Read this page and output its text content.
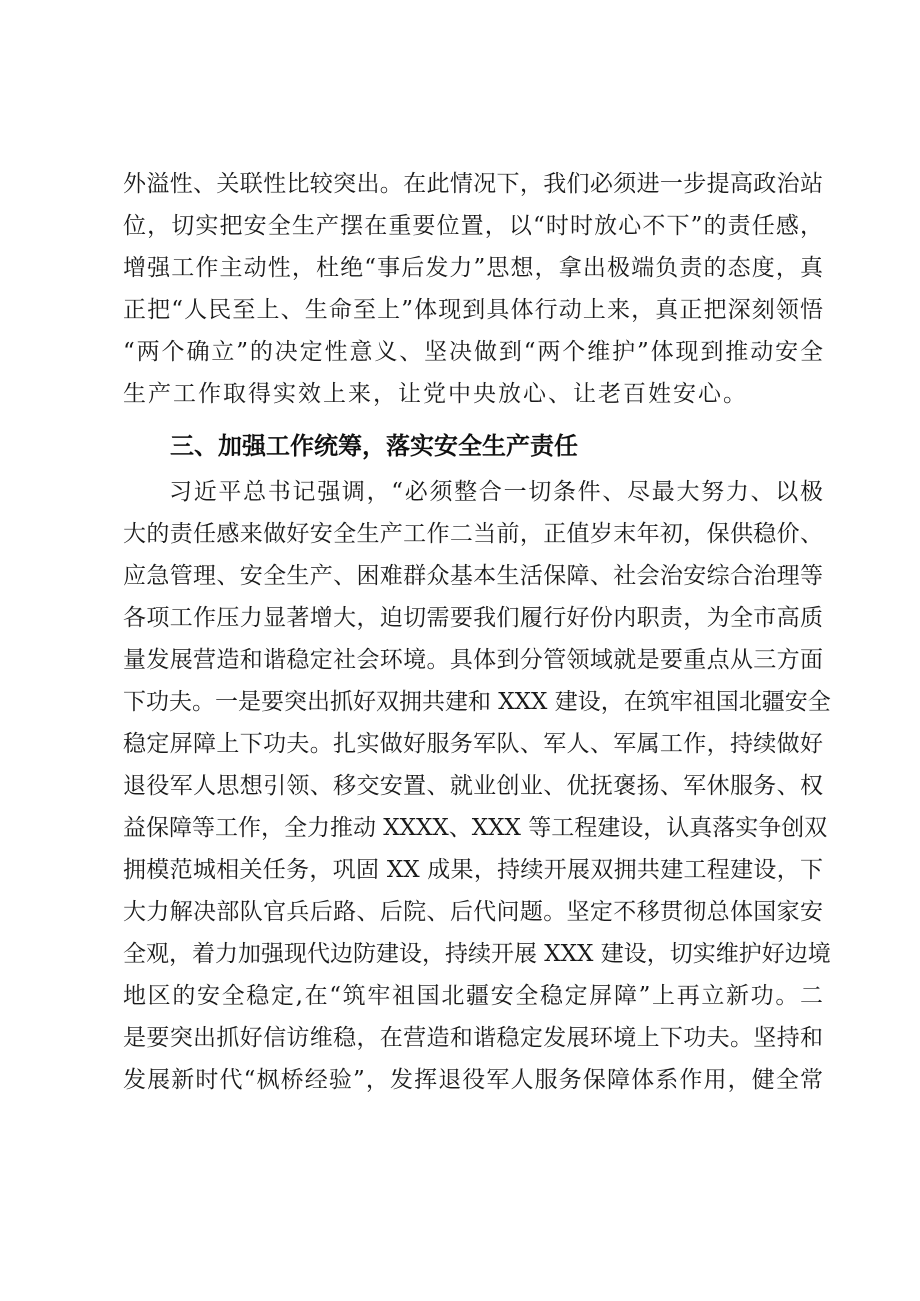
外溢性、关联性比较突出。在此情况下，我们必须进一步提高政治站
位，切实把安全生产摆在重要位置，以“时时放心不下”的责任感，
增强工作主动性，杜绝“事后发力”思想，拿出极端负责的态度，真
正把“人民至上、生命至上”体现到具体行动上来，真正把深刻领悟
“两个确立”的决定性意义、坚决做到“两个维护”体现到推动安全
生产工作取得实效上来，让党中央放心、让老百姓安心。
三、加强工作统筹，落实安全生产责任
习近平总书记强调，“必须整合一切条件、尽最大努力、以极
大的责任感来做好安全生产工作二当前，正值岁末年初，保供稳价、
应急管理、安全生产、困难群众基本生活保障、社会治安综合治理等
各项工作压力显著增大，迫切需要我们履行好份内职责，为全市高质
量发展营造和谐稳定社会环境。具体到分管领域就是要重点从三方面
下功夫。一是要突出抓好双拥共建和 XXX 建设，在筑牢祖国北疆安全
稳定屏障上下功夫。扎实做好服务军队、军人、军属工作，持续做好
退役军人思想引领、移交安置、就业创业、优抚褒扬、军休服务、权
益保障等工作，全力推动 XXXX、XXX 等工程建设，认真落实争创双
拥模范城相关任务，巩固 XX 成果，持续开展双拥共建工程建设，下
大力解决部队官兵后路、后院、后代问题。坚定不移贯彻总体国家安
全观，着力加强现代边防建设，持续开展 XXX 建设，切实维护好边境
地区的安全稳定,在“筑牢祖国北疆安全稳定屏障”上再立新功。二
是要突出抓好信访维稳，在营造和谐稳定发展环境上下功夫。坚持和
发展新时代“枫桥经验”，发挥退役军人服务保障体系作用，健全常
